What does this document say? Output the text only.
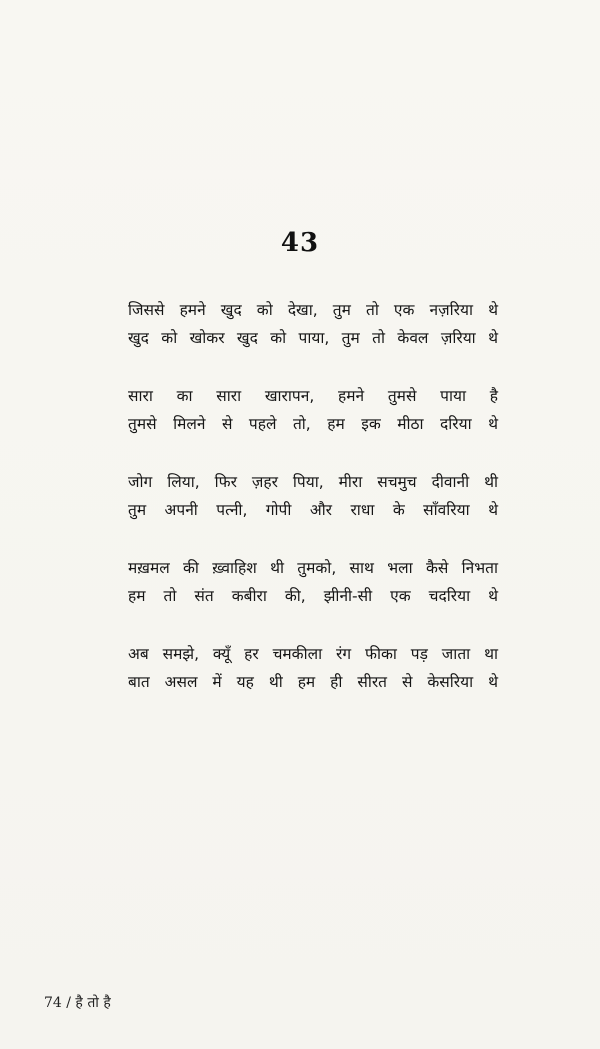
43
जिससे हमने खुद को देखा, तुम तो एक नज़रिया थे
खुद को खोकर खुद को पाया, तुम तो केवल ज़रिया थे
सारा का सारा खारापन, हमने तुमसे पाया है
तुमसे मिलने से पहले तो, हम इक मीठा दरिया थे
जोग लिया, फिर ज़हर पिया, मीरा सचमुच दीवानी थी
तुम अपनी पत्नी, गोपी और राधा के साँवरिया थे
मख़मल की ख़्वाहिश थी तुमको, साथ भला कैसे निभता
हम तो संत कबीरा की, झीनी-सी एक चदरिया थे
अब समझे, क्यूँ हर चमकीला रंग फीका पड़ जाता था
बात असल में यह थी हम ही सीरत से केसरिया थे
74 / है तो है
